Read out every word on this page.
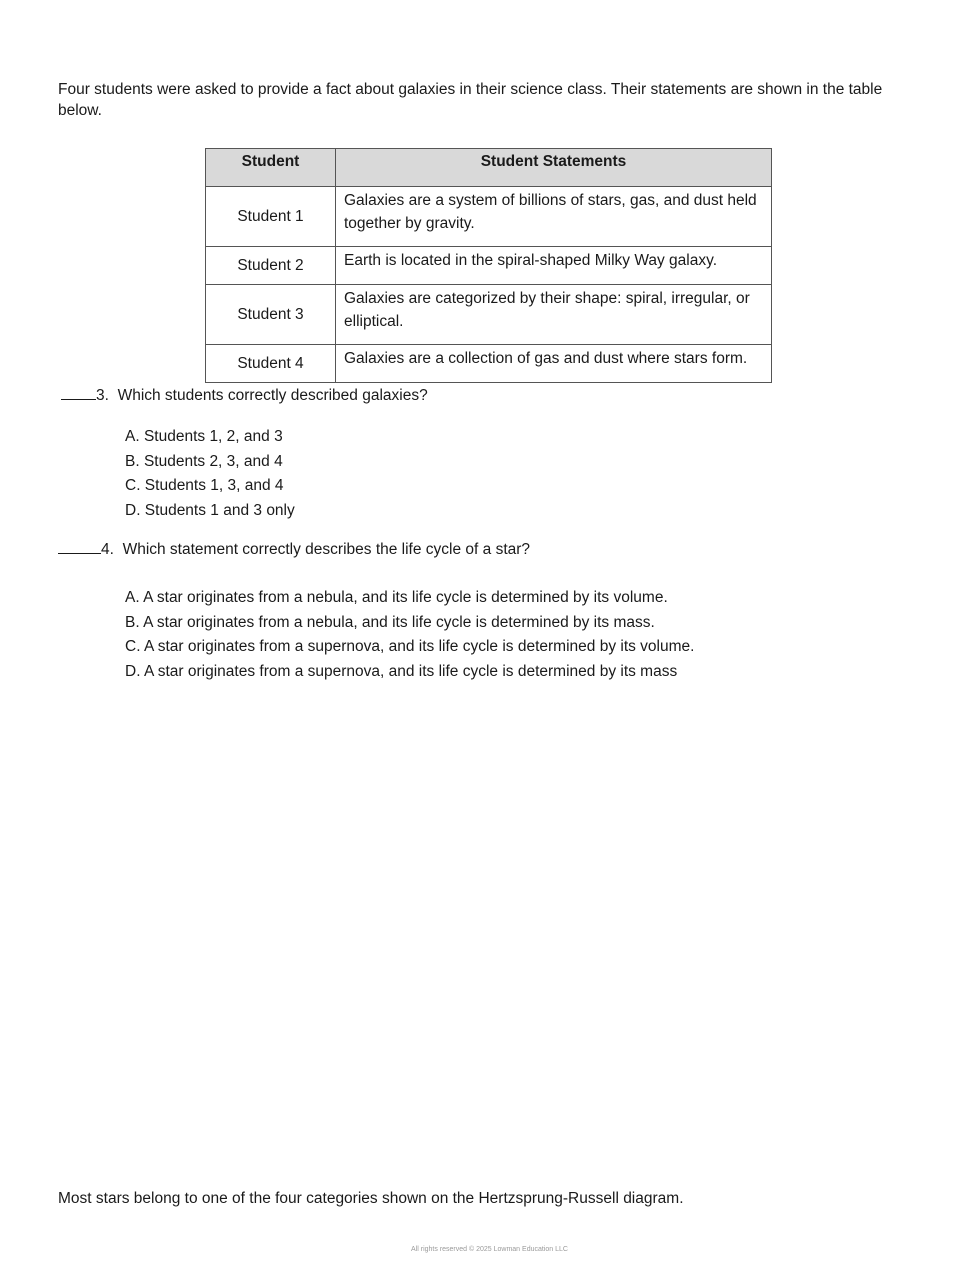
Four students were asked to provide a fact about galaxies in their science class. Their statements are shown in the table below.

Student	Student Statements
Student 1	Galaxies are a system of billions of stars, gas, and dust held together by gravity.
Student 2	Earth is located in the spiral-shaped Milky Way galaxy.
Student 3	Galaxies are categorized by their shape: spiral, irregular, or elliptical.
Student 4	Galaxies are a collection of gas and dust where stars form.

3. Which students correctly described galaxies?

A. Students 1, 2, and 3
B. Students 2, 3, and 4
C. Students 1, 3, and 4
D. Students 1 and 3 only

4. Which statement correctly describes the life cycle of a star?

A. A star originates from a nebula, and its life cycle is determined by its volume.
B. A star originates from a nebula, and its life cycle is determined by its mass.
C. A star originates from a supernova, and its life cycle is determined by its volume.
D. A star originates from a supernova, and its life cycle is determined by its mass

Most stars belong to one of the four categories shown on the Hertzsprung-Russell diagram.

All rights reserved © 2025 Lowman Education LLC
